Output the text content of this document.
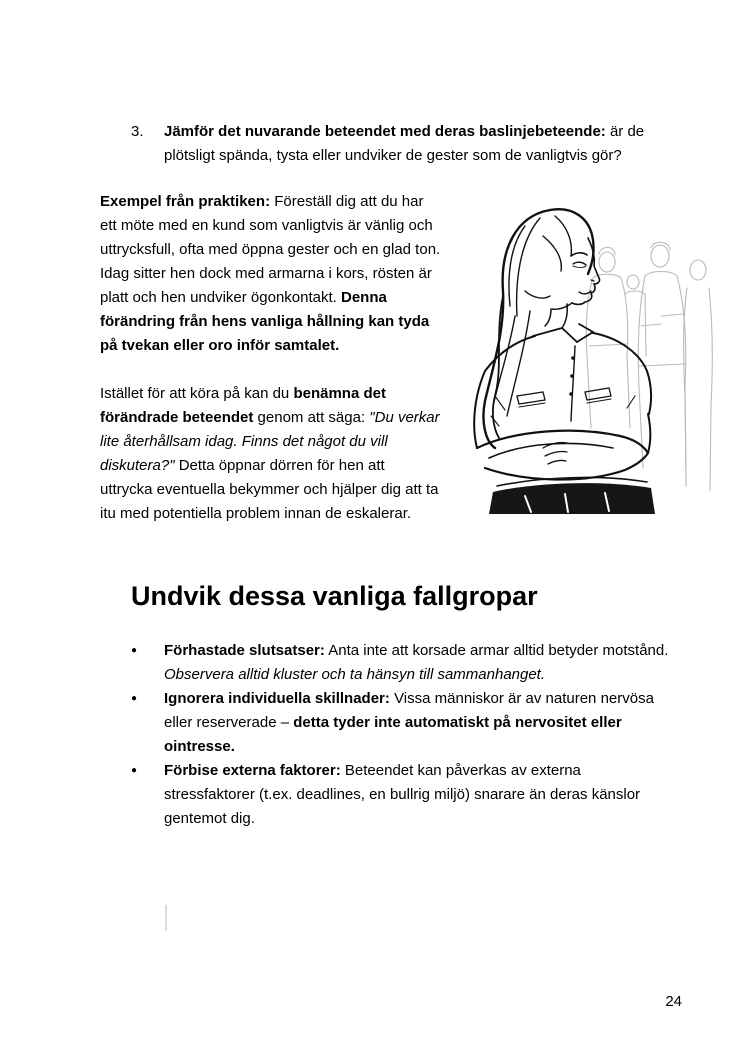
3.	Jämför det nuvarande beteendet med deras baslinjebeteende: är de plötsligt spända, tysta eller undviker de gester som de vanligtvis gör?

Exempel från praktiken: Föreställ dig att du har ett möte med en kund som vanligtvis är vänlig och uttrycksfull, ofta med öppna gester och en glad ton. Idag sitter hen dock med armarna i kors, rösten är platt och hen undviker ögonkontakt. Denna förändring från hens vanliga hållning kan tyda på tvekan eller oro inför samtalet.

Istället för att köra på kan du benämna det förändrade beteendet genom att säga: "Du verkar lite återhållsam idag. Finns det något du vill diskutera?" Detta öppnar dörren för hen att uttrycka eventuella bekymmer och hjälper dig att ta itu med potentiella problem innan de eskalerar.

Undvik dessa vanliga fallgropar
●	Förhastade slutsatser: Anta inte att korsade armar alltid betyder motstånd. Observera alltid kluster och ta hänsyn till sammanhanget.
●	Ignorera individuella skillnader: Vissa människor är av naturen nervösa eller reserverade – detta tyder inte automatiskt på nervositet eller ointresse.
●	Förbise externa faktorer: Beteendet kan påverkas av externa stressfaktorer (t.ex. deadlines, en bullrig miljö) snarare än deras känslor gentemot dig.
24
